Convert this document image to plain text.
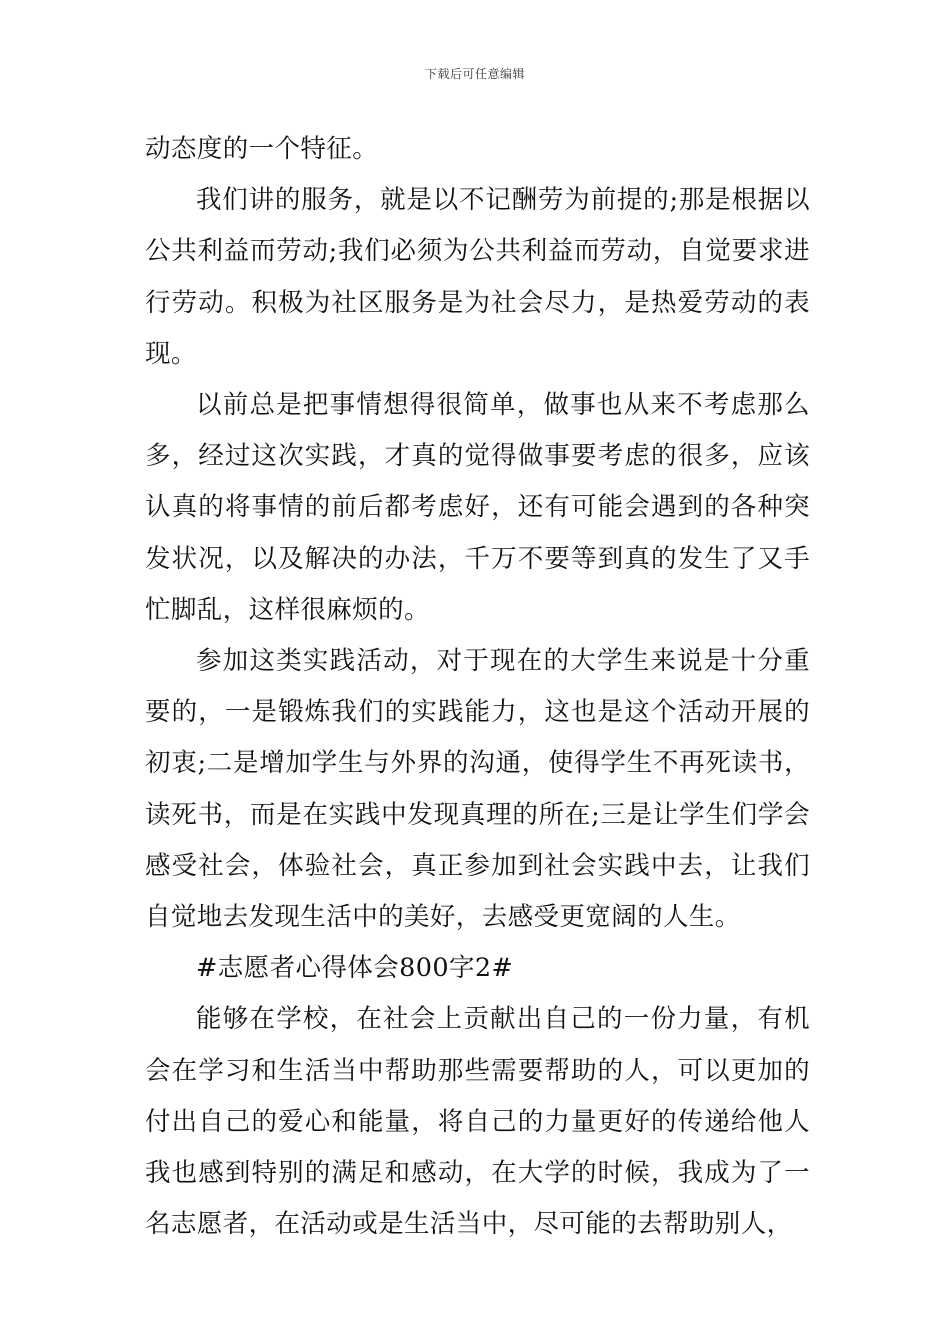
下载后可任意编辑

动态度的一个特征。

我们讲的服务，就是以不记酬劳为前提的;那是根据以公共利益而劳动;我们必须为公共利益而劳动，自觉要求进行劳动。积极为社区服务是为社会尽力，是热爱劳动的表现。

以前总是把事情想得很简单，做事也从来不考虑那么多，经过这次实践，才真的觉得做事要考虑的很多，应该认真的将事情的前后都考虑好，还有可能会遇到的各种突发状况，以及解决的办法，千万不要等到真的发生了又手忙脚乱，这样很麻烦的。

参加这类实践活动，对于现在的大学生来说是十分重要的，一是锻炼我们的实践能力，这也是这个活动开展的初衷;二是增加学生与外界的沟通，使得学生不再死读书，读死书，而是在实践中发现真理的所在;三是让学生们学会感受社会，体验社会，真正参加到社会实践中去，让我们自觉地去发现生活中的美好，去感受更宽阔的人生。

#志愿者心得体会800字2#

能够在学校，在社会上贡献出自己的一份力量，有机会在学习和生活当中帮助那些需要帮助的人，可以更加的付出自己的爱心和能量，将自己的力量更好的传递给他人我也感到特别的满足和感动，在大学的时候，我成为了一名志愿者，在活动或是生活当中，尽可能的去帮助别人，
